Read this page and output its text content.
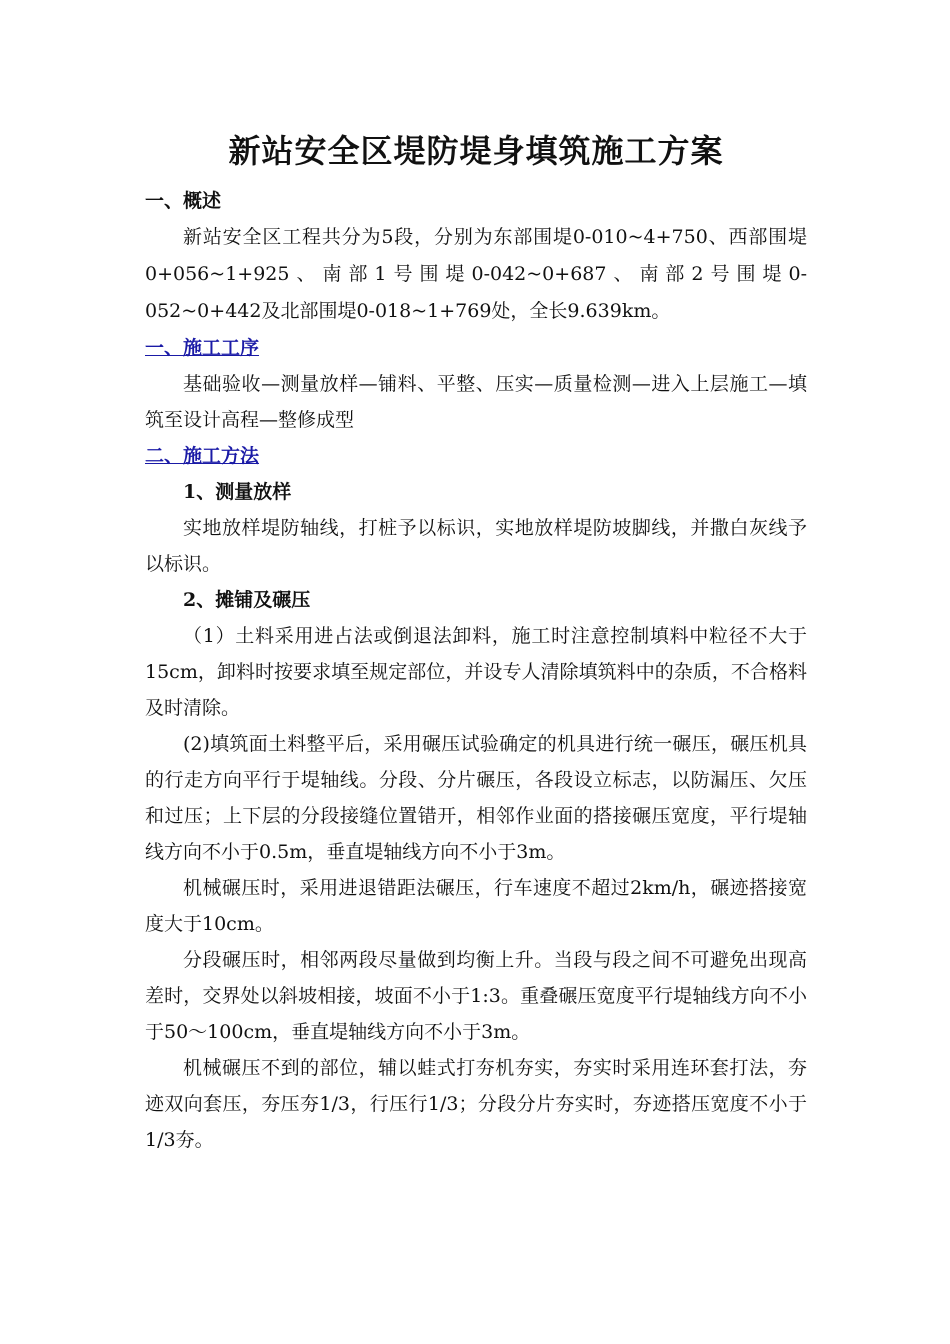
新站安全区堤防堤身填筑施工方案

一、概述

新站安全区工程共分为5段，分别为东部围堤0-010~4+750、西部围堤0+056~1+925、南部1号围堤0-042~0+687、南部2号围堤0-052~0+442及北部围堤0-018~1+769处，全长9.639km。

一、施工工序

基础验收—测量放样—铺料、平整、压实—质量检测—进入上层施工—填筑至设计高程—整修成型

二、施工方法

1、测量放样

实地放样堤防轴线，打桩予以标识，实地放样堤防坡脚线，并撒白灰线予以标识。

2、摊铺及碾压

（1）土料采用进占法或倒退法卸料，施工时注意控制填料中粒径不大于15cm，卸料时按要求填至规定部位，并设专人清除填筑料中的杂质，不合格料及时清除。

(2)填筑面土料整平后，采用碾压试验确定的机具进行统一碾压，碾压机具的行走方向平行于堤轴线。分段、分片碾压，各段设立标志，以防漏压、欠压和过压；上下层的分段接缝位置错开，相邻作业面的搭接碾压宽度，平行堤轴线方向不小于0.5m，垂直堤轴线方向不小于3m。

机械碾压时，采用进退错距法碾压，行车速度不超过2km/h，碾迹搭接宽度大于10cm。

分段碾压时，相邻两段尽量做到均衡上升。当段与段之间不可避免出现高差时，交界处以斜坡相接，坡面不小于1:3。重叠碾压宽度平行堤轴线方向不小于50～100cm，垂直堤轴线方向不小于3m。

机械碾压不到的部位，辅以蛙式打夯机夯实，夯实时采用连环套打法，夯迹双向套压，夯压夯1/3，行压行1/3；分段分片夯实时，夯迹搭压宽度不小于1/3夯。
